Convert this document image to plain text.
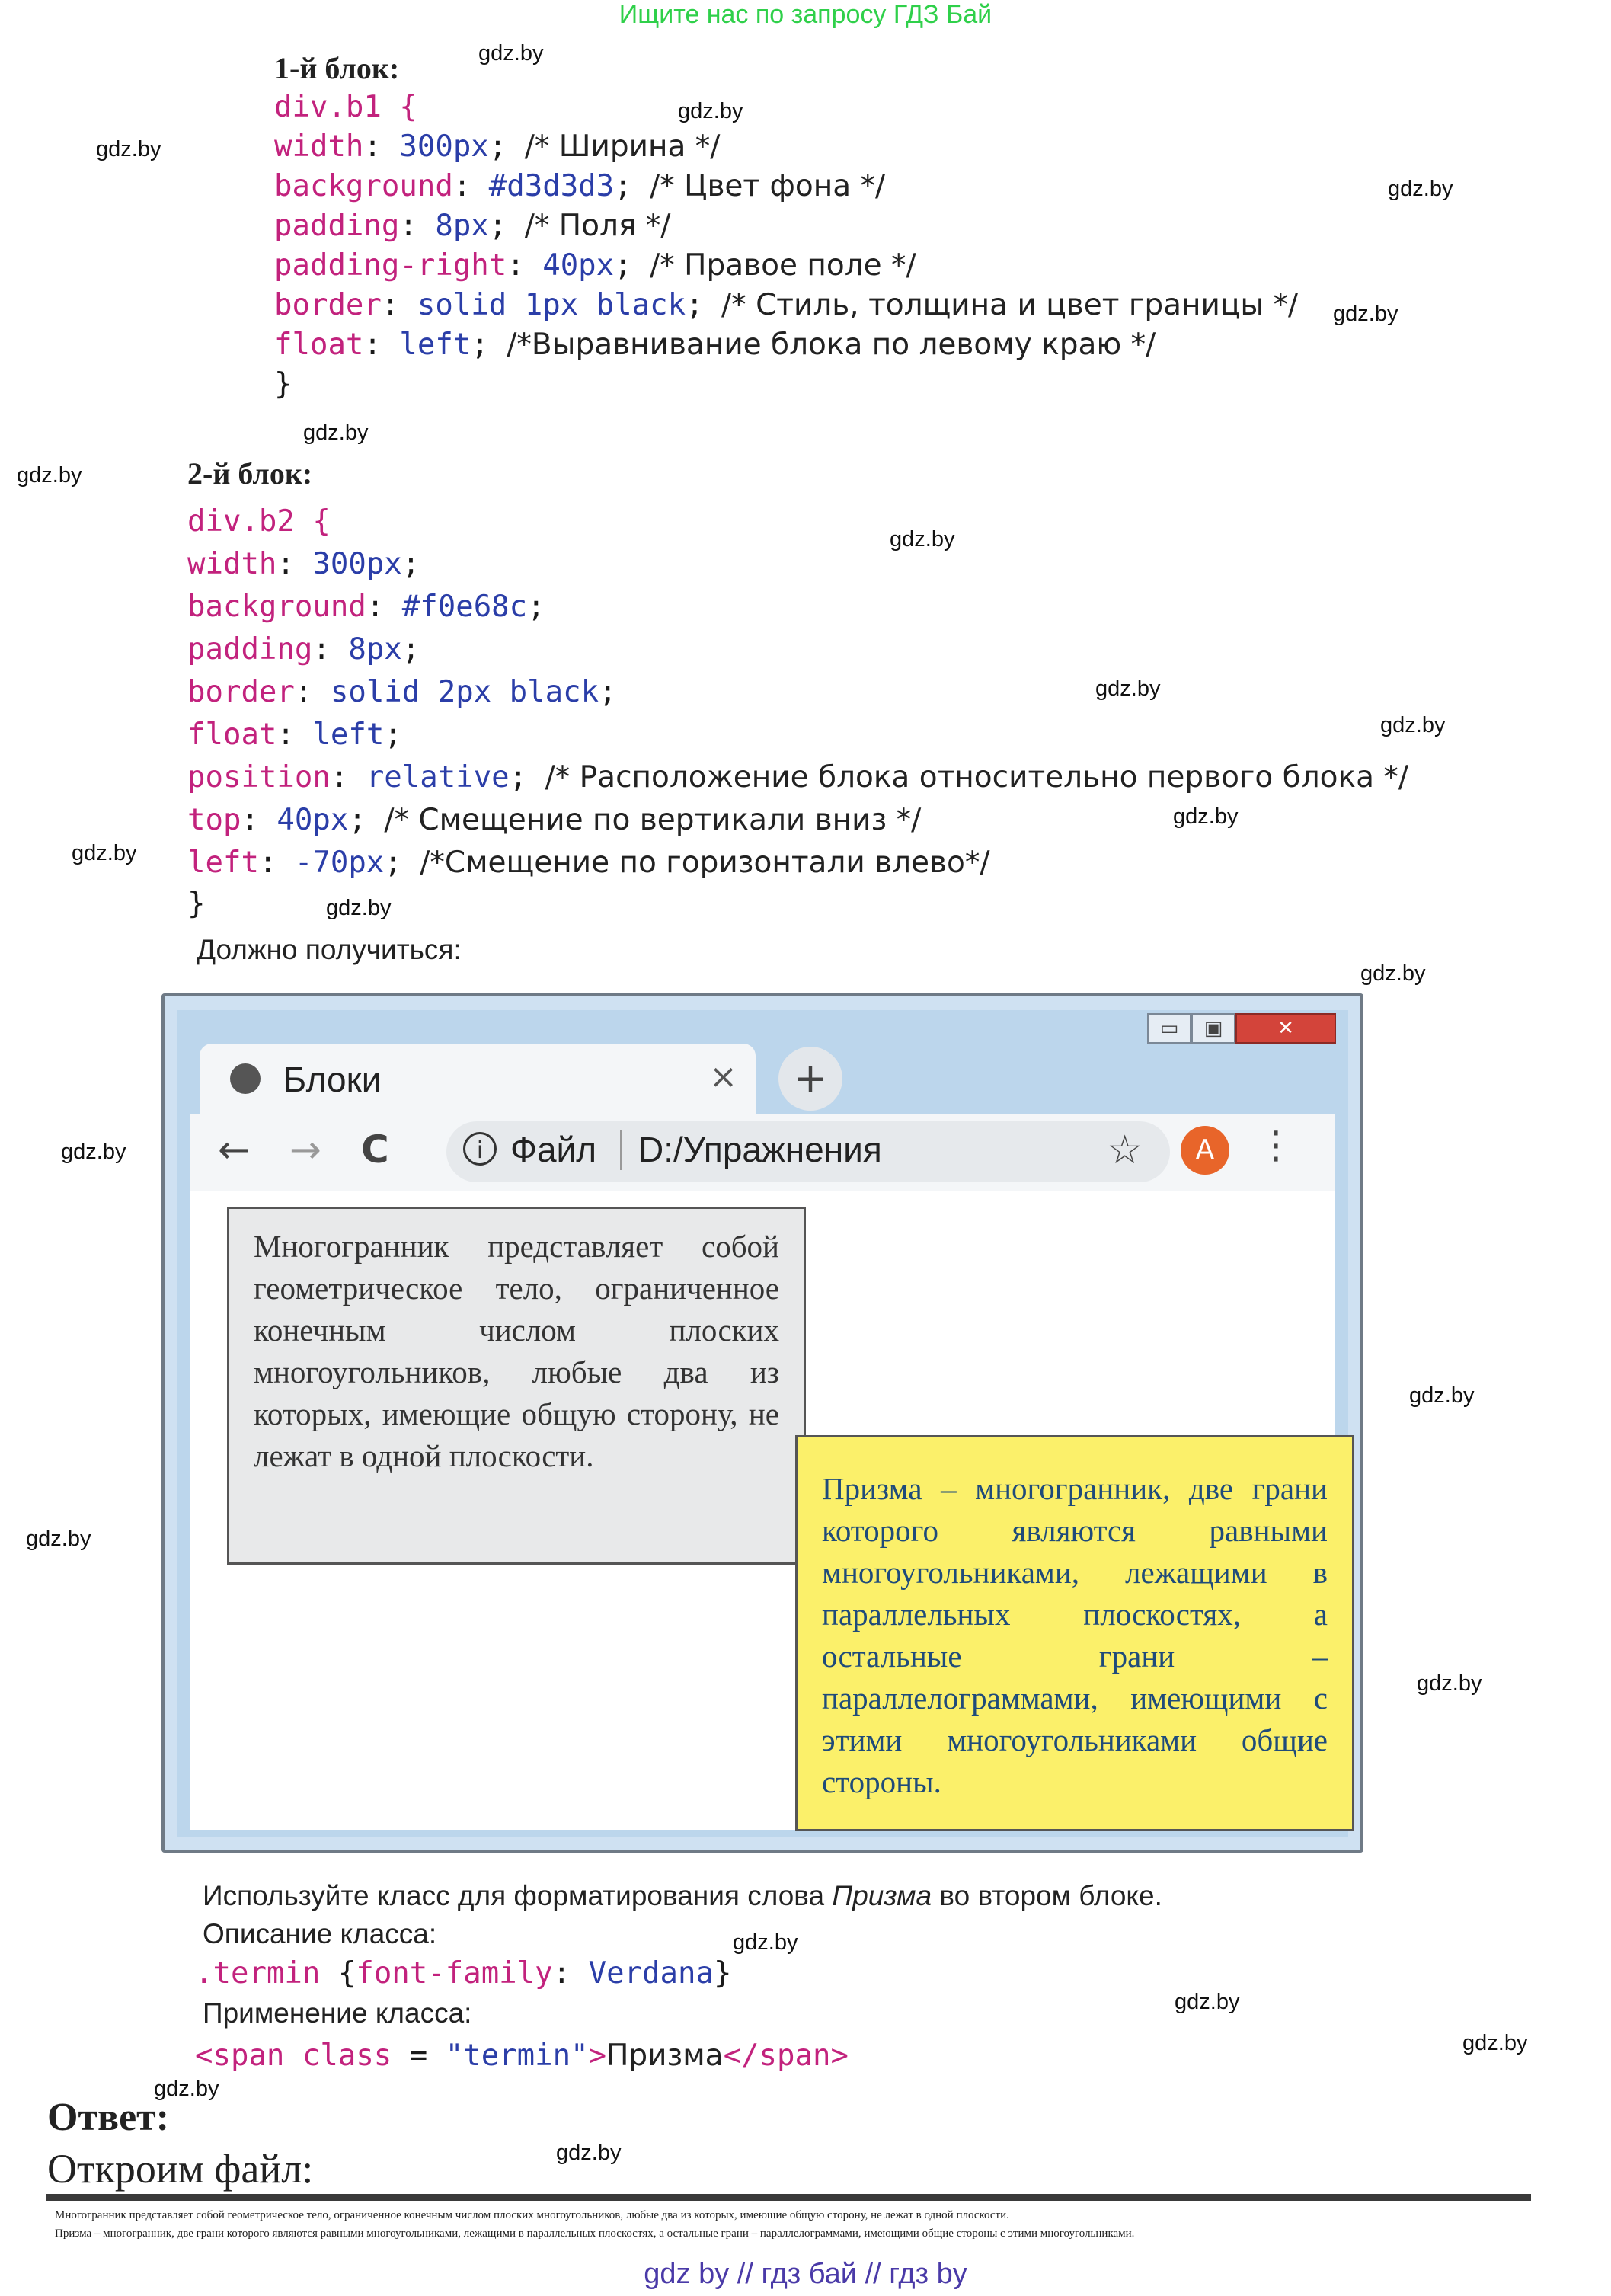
Ищите нас по запросу ГДЗ Бай
gdz.by
gdz.by
gdz.by
gdz.by
gdz.by
gdz.by
gdz.by
gdz.by
gdz.by
gdz.by
gdz.by
gdz.by
gdz.by
gdz.by
gdz.by
gdz.by
gdz.by
gdz.by
gdz.by
gdz.by
gdz.by
gdz.by
gdz.by
1-й блок:
div.b1 {
width: 300px; /* Ширина */
background: #d3d3d3; /* Цвет фона */
padding: 8px; /* Поля */
padding-right: 40px; /* Правое поле */
border: solid 1px black; /* Стиль, толщина и цвет границы */
float: left; /*Выравнивание блока по левому краю */
}
2-й блок:
div.b2 {
width: 300px;
background: #f0e68c;
padding: 8px;
border: solid 2px black;
float: left;
position: relative; /* Расположение блока относительно первого блока */
top: 40px; /* Смещение по вертикали вниз */
left: -70px; /*Смещение по горизонтали влево*/
}
Должно получиться:
▭	▣	✕
Блоки	×	+
← → C	i Файл D:/Упражнения	☆	A	⋮
Многогранник представляет собой геометрическое тело, ограниченное конечным числом плоских многоугольников, любые два из которых, имеющие общую сторону, не лежат в одной плоскости.
Призма – многогранник, две грани которого являются равными многоугольниками, лежащими в параллельных плоскостях, а остальные грани – параллелограммами, имеющими с этими многоугольниками общие стороны.
Используйте класс для форматирования слова Призма во втором блоке.
Описание класса:
.termin {font-family: Verdana}
Применение класса:
<span class = "termin">Призма</span>
Ответ:
Откроим файл:
Многогранник представляет собой геометрическое тело, ограниченное конечным числом плоских многоугольников, любые два из которых, имеющие общую сторону, не лежат в одной плоскости.
Призма – многогранник, две грани которого являются равными многоугольниками, лежащими в параллельных плоскостях, а остальные грани – параллелограммами, имеющими общие стороны с этими многоугольниками.
gdz by // гдз бай // гдз by
